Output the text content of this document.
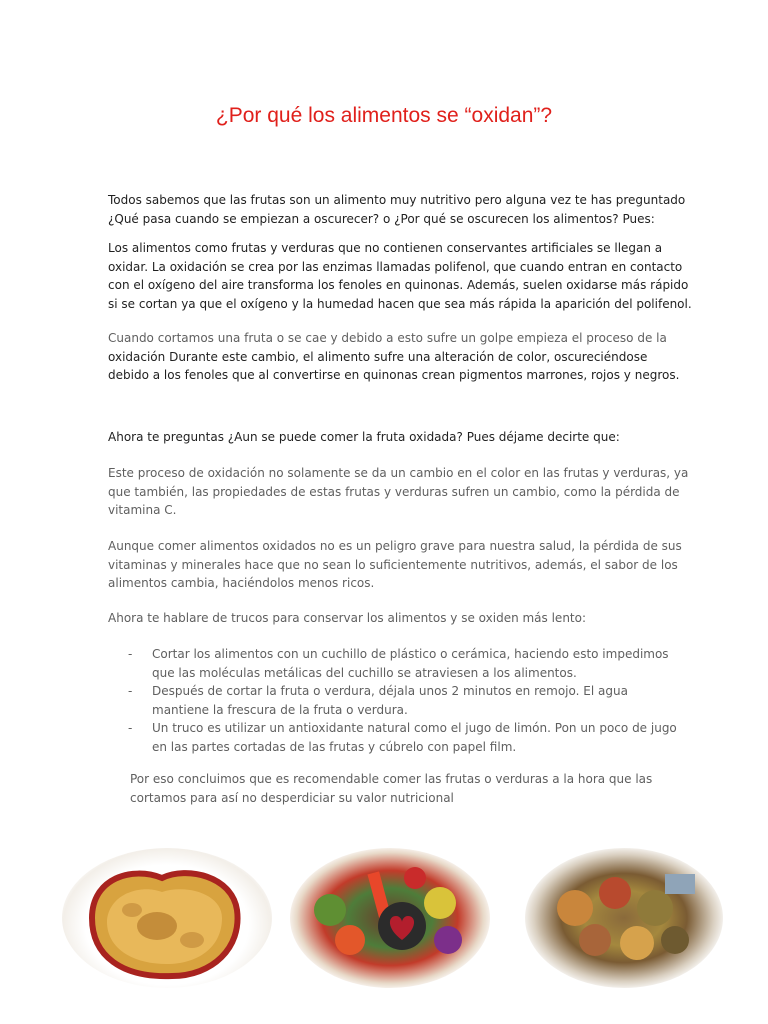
¿Por qué los alimentos se “oxidan”?

Todos sabemos que las frutas son un alimento muy nutritivo pero alguna vez te has preguntado
¿Qué pasa cuando se empiezan a oscurecer? o ¿Por qué se oscurecen los alimentos? Pues:

Los alimentos como frutas y verduras que no contienen conservantes artificiales se llegan a
oxidar. La oxidación se crea por las enzimas llamadas polifenol, que cuando entran en contacto
con el oxígeno del aire transforma los fenoles en quinonas. Además, suelen oxidarse más rápido
si se cortan ya que el oxígeno y la humedad hacen que sea más rápida la aparición del polifenol.

Cuando cortamos una fruta o se cae y debido a esto sufre un golpe empieza el proceso de la
oxidación Durante este cambio, el alimento sufre una alteración de color, oscureciéndose
debido a los fenoles que al convertirse en quinonas crean pigmentos marrones, rojos y negros.

Ahora te preguntas ¿Aun se puede comer la fruta oxidada? Pues déjame decirte que:

Este proceso de oxidación no solamente se da un cambio en el color en las frutas y verduras, ya
que también, las propiedades de estas frutas y verduras sufren un cambio, como la pérdida de
vitamina C.

Aunque comer alimentos oxidados no es un peligro grave para nuestra salud, la pérdida de sus
vitaminas y minerales hace que no sean lo suficientemente nutritivos, además, el sabor de los
alimentos cambia, haciéndolos menos ricos.

Ahora te hablare de trucos para conservar los alimentos y se oxiden más lento:

- Cortar los alimentos con un cuchillo de plástico o cerámica, haciendo esto impedimos
que las moléculas metálicas del cuchillo se atraviesen a los alimentos.
- Después de cortar la fruta o verdura, déjala unos 2 minutos en remojo. El agua
mantiene la frescura de la fruta o verdura.
- Un truco es utilizar un antioxidante natural como el jugo de limón. Pon un poco de jugo
en las partes cortadas de las frutas y cúbrelo con papel film.

Por eso concluimos que es recomendable comer las frutas o verduras a la hora que las
cortamos para así no desperdiciar su valor nutricional
